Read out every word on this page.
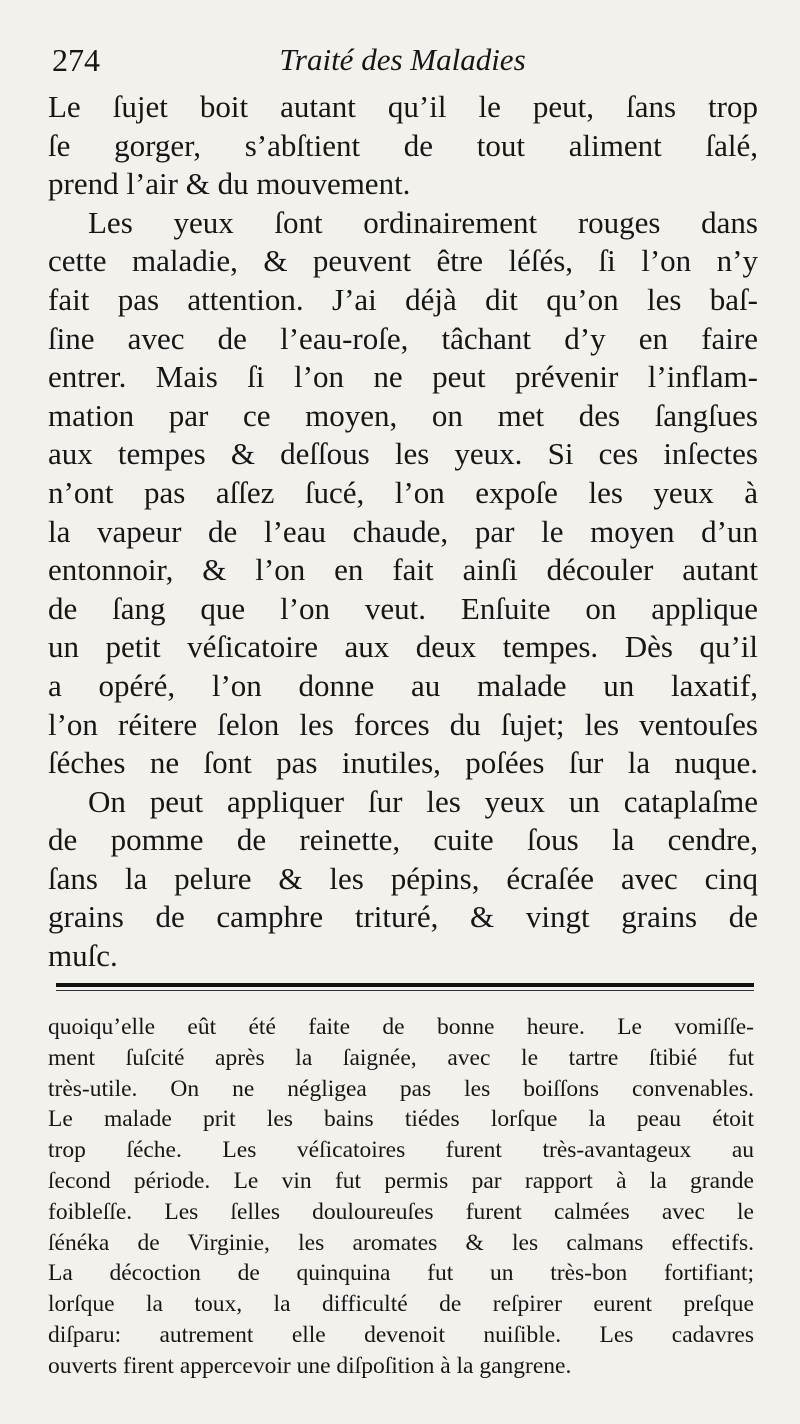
274	Traité des Maladies
Le ſujet boit autant qu’il le peut, ſans trop
ſe gorger, s’abſtient de tout aliment ſalé,
prend l’air & du mouvement.
Les yeux ſont ordinairement rouges dans
cette maladie, & peuvent être léſés, ſi l’on n’y
fait pas attention. J’ai déjà dit qu’on les baſ-
ſine avec de l’eau-roſe, tâchant d’y en faire
entrer. Mais ſi l’on ne peut prévenir l’inflam-
mation par ce moyen, on met des ſangſues
aux tempes & deſſous les yeux. Si ces inſectes
n’ont pas aſſez ſucé, l’on expoſe les yeux à
la vapeur de l’eau chaude, par le moyen d’un
entonnoir, & l’on en fait ainſi découler autant
de ſang que l’on veut. Enſuite on applique
un petit véſicatoire aux deux tempes. Dès qu’il
a opéré, l’on donne au malade un laxatif,
l’on réitere ſelon les forces du ſujet; les ventouſes
ſéches ne ſont pas inutiles, poſées ſur la nuque.
On peut appliquer ſur les yeux un cataplaſme
de pomme de reinette, cuite ſous la cendre,
ſans la pelure & les pépins, écraſée avec cinq
grains de camphre trituré, & vingt grains de
muſc.
quoiqu’elle eût été faite de bonne heure. Le vomiſſe-
ment ſuſcité après la ſaignée, avec le tartre ſtibié fut
très-utile. On ne négligea pas les boiſſons convenables.
Le malade prit les bains tiédes lorſque la peau étoit
trop ſéche. Les véſicatoires furent très-avantageux au
ſecond période. Le vin fut permis par rapport à la grande
foibleſſe. Les ſelles douloureuſes furent calmées avec le
ſénéka de Virginie, les aromates & les calmans effectifs.
La décoction de quinquina fut un très-bon fortifiant;
lorſque la toux, la difficulté de reſpirer eurent preſque
diſparu: autrement elle devenoit nuiſible. Les cadavres
ouverts firent appercevoir une diſpoſition à la gangrene.
